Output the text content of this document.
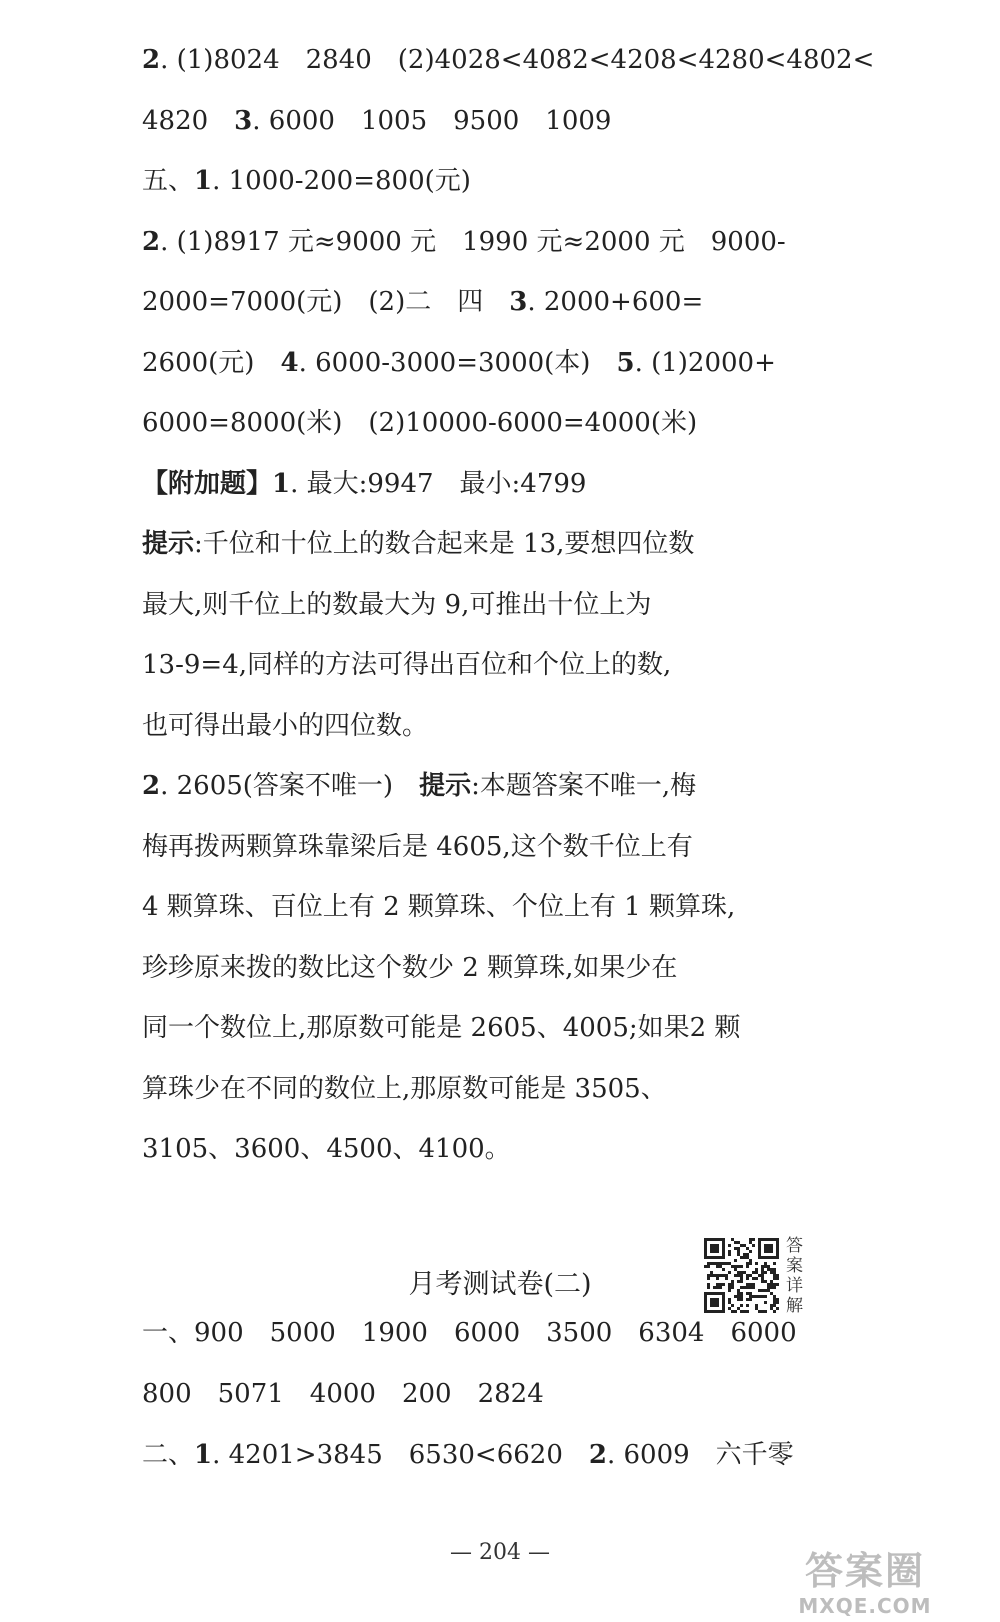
2. (1)8024　2840　(2)4028<4082<4208<4280<4802<
4820　3. 6000　1005　9500　1009
五、1. 1000-200=800(元)
2. (1)8917 元≈9000 元　1990 元≈2000 元　9000-
2000=7000(元)　(2)二　四　3. 2000+600=
2600(元)　4. 6000-3000=3000(本)　5. (1)2000+
6000=8000(米)　(2)10000-6000=4000(米)
【附加题】1. 最大:9947　最小:4799
提示:千位和十位上的数合起来是 13,要想四位数
最大,则千位上的数最大为 9,可推出十位上为
13-9=4,同样的方法可得出百位和个位上的数,
也可得出最小的四位数。
2. 2605(答案不唯一)　提示:本题答案不唯一,梅
梅再拨两颗算珠靠梁后是 4605,这个数千位上有
4 颗算珠、百位上有 2 颗算珠、个位上有 1 颗算珠,
珍珍原来拨的数比这个数少 2 颗算珠,如果少在
同一个数位上,那原数可能是 2605、4005;如果2 颗
算珠少在不同的数位上,那原数可能是 3505、
3105、3600、4500、4100。
月考测试卷(二)
答案详解
一、900　5000　1900　6000　3500　6304　6000
800　5071　4000　200　2824
二、1. 4201>3845　6530<6620　2. 6009　六千零
— 204 —	答案圈
MXQE.COM
